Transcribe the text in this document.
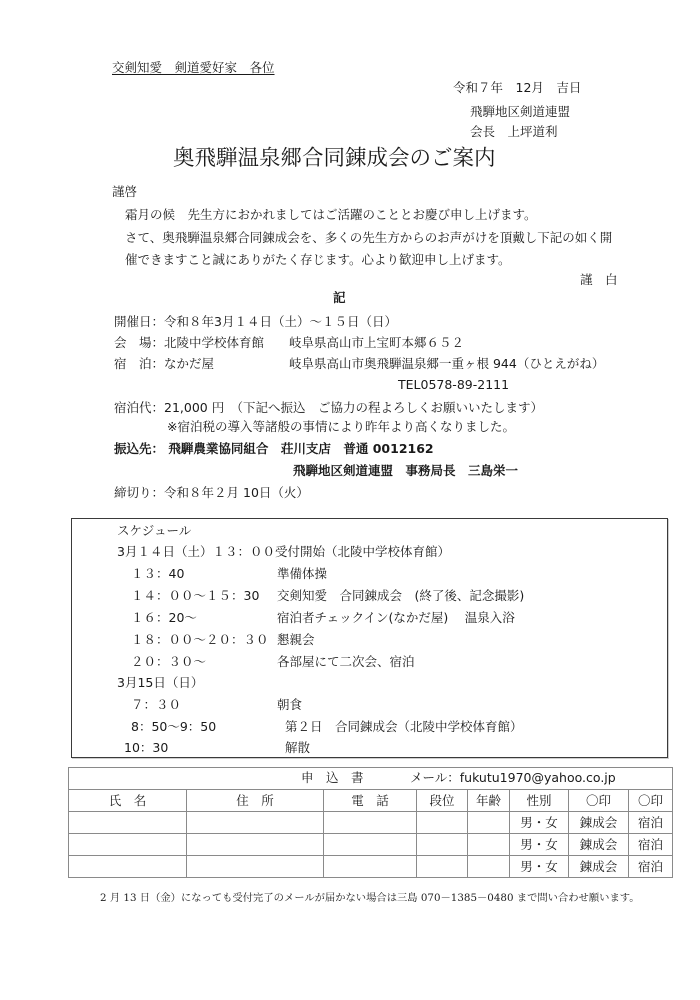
交剣知愛　剣道愛好家　各位
令和７年　12月　吉日
飛騨地区剣道連盟
会長　上坪道利
奥飛騨温泉郷合同錬成会のご案内
謹啓
霜月の候　先生方におかれましてはご活躍のこととお慶び申し上げます。
さて、奥飛騨温泉郷合同錬成会を、多くの先生方からのお声がけを頂戴し下記の如く開
催できますこと誠にありがたく存じます。心より歓迎申し上げます。
謹　白
記
開催日：令和８年3月１４日（土）～１５日（日）
会　場：北陵中学校体育館 岐阜県高山市上宝町本郷６５２
宿　泊：なかだ屋	岐阜県高山市奥飛騨温泉郷一重ヶ根 944（ひとえがね）
TEL0578-89-2111
宿泊代：21,000 円　（下記へ振込　ご協力の程よろしくお願いいたします）
※宿泊税の導入等諸般の事情により昨年より高くなりました。
振込先： 飛騨農業協同組合　荘川支店　普通 0012162
飛騨地区剣道連盟　事務局長　三島栄一
締切り：令和８年２月 10日（火）
スケジュール
3月１４日（土）１３：００受付開始（北陵中学校体育館）
１３：40	準備体操
１４：００～１５：30 交剣知愛　合同錬成会　(終了後、記念撮影)
１６：20～	宿泊者チェックイン(なかだ屋)　 温泉入浴
１８：００～２０：３０ 懇親会
２０：３０～	各部屋にて二次会、宿泊
3月15日（日）
７：３０	朝食
8：50～9：50	第２日　合同錬成会（北陵中学校体育館）
10：30	解散
申　込　書 メール：fukutu1970@yahoo.co.jp							

氏　名	住　所	電　話	段位	年齢	性別	〇印	〇印
					男・女	錬成会	宿泊
					男・女	錬成会	宿泊
					男・女	錬成会	宿泊
2 月 13 日（金）になっても受付完了のメールが届かない場合は三島 070－1385－0480 まで問い合わせ願います。
